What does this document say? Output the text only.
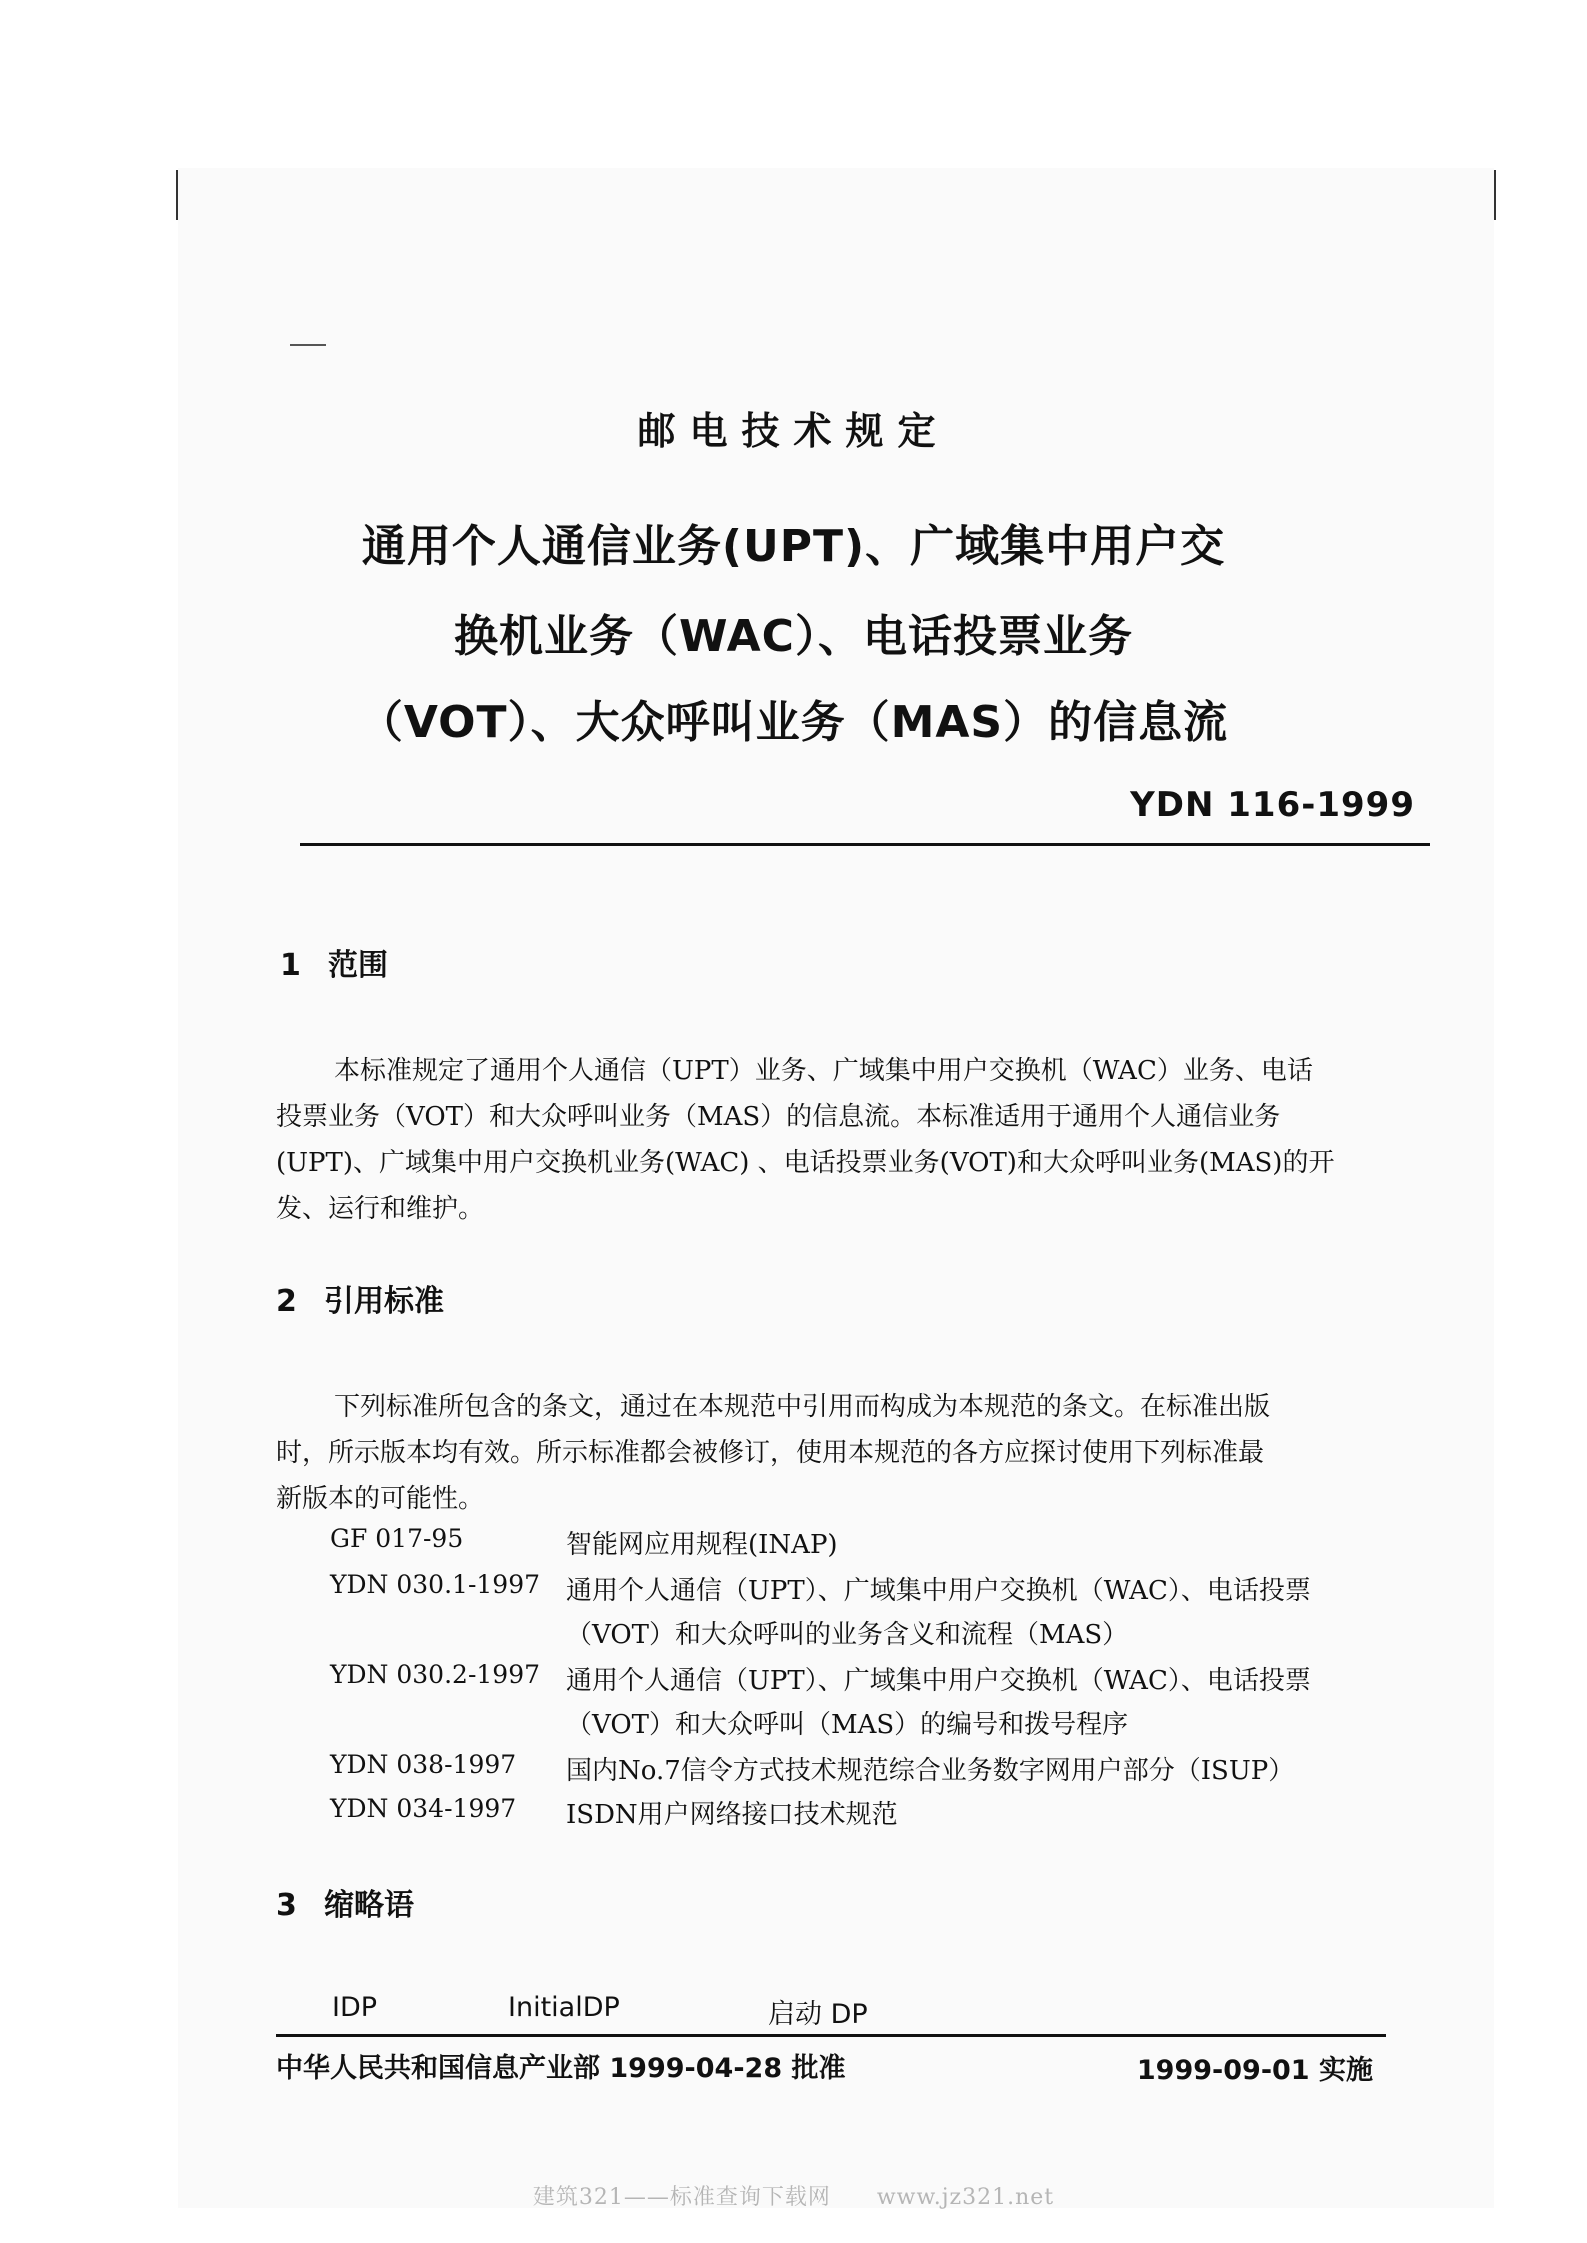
邮电技术规定
通用个人通信业务(UPT)、广域集中用户交
换机业务（WAC）、电话投票业务
（VOT）、大众呼叫业务（MAS）的信息流
YDN 116-1999
1 范围
本标准规定了通用个人通信（UPT）业务、广域集中用户交换机（WAC）业务、电话
投票业务（VOT）和大众呼叫业务（MAS）的信息流。本标准适用于通用个人通信业务
(UPT)、广域集中用户交换机业务(WAC) 、电话投票业务(VOT)和大众呼叫业务(MAS)的开
发、运行和维护。
2 引用标准
下列标准所包含的条文，通过在本规范中引用而构成为本规范的条文。在标准出版
时，所示版本均有效。所示标准都会被修订，使用本规范的各方应探讨使用下列标准最
新版本的可能性。
GF 017-95	智能网应用规程(INAP)
YDN 030.1-1997 通用个人通信（UPT）、广域集中用户交换机（WAC）、电话投票
（VOT）和大众呼叫的业务含义和流程（MAS）
YDN 030.2-1997 通用个人通信（UPT）、广域集中用户交换机（WAC）、电话投票
（VOT）和大众呼叫（MAS）的编号和拨号程序
YDN 038-1997 国内No.7信令方式技术规范综合业务数字网用户部分（ISUP）
YDN 034-1997 ISDN用户网络接口技术规范
3 缩略语
IDP	InitialDP	启动 DP
中华人民共和国信息产业部 1999-04-28 批准	1999-09-01 实施
建筑321——标准查询下载网　　www.jz321.net
